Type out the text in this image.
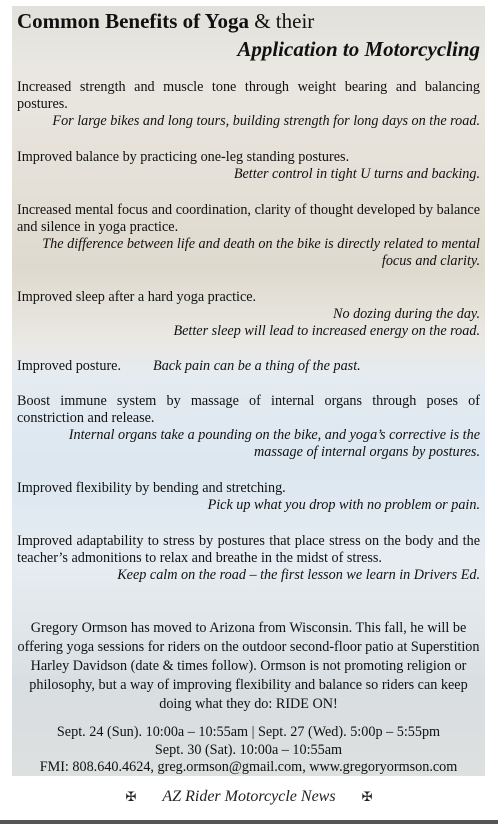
Common Benefits of Yoga & their
Application to Motorcycling
Increased strength and muscle tone through weight bearing and balancing postures.
For large bikes and long tours, building strength for long days on the road.
Improved balance by practicing one-leg standing postures.
Better control in tight U turns and backing.
Increased mental focus and coordination, clarity of thought developed by balance and silence in yoga practice.
The difference between life and death on the bike is directly related to mental focus and clarity.
Improved sleep after a hard yoga practice.
No dozing during the day.
Better sleep will lead to increased energy on the road.
Improved posture. Back pain can be a thing of the past.
Boost immune system by massage of internal organs through poses of constriction and release.
Internal organs take a pounding on the bike, and yoga’s corrective is the massage of internal organs by postures.
Improved flexibility by bending and stretching.
Pick up what you drop with no problem or pain.
Improved adaptability to stress by postures that place stress on the body and the teacher’s admonitions to relax and breathe in the midst of stress.
Keep calm on the road – the first lesson we learn in Drivers Ed.
Gregory Ormson has moved to Arizona from Wisconsin. This fall, he will be offering yoga sessions for riders on the outdoor second-floor patio at Superstition Harley Davidson (date & times follow). Ormson is not promoting religion or philosophy, but a way of improving flexibility and balance so riders can keep doing what they do: RIDE ON!
Sept. 24 (Sun). 10:00a – 10:55am | Sept. 27 (Wed). 5:00p – 5:55pm
Sept. 30 (Sat). 10:00a – 10:55am
FMI: 808.640.4624, greg.ormson@gmail.com, www.gregoryormson.com
✠ AZ Rider Motorcycle News ✠
